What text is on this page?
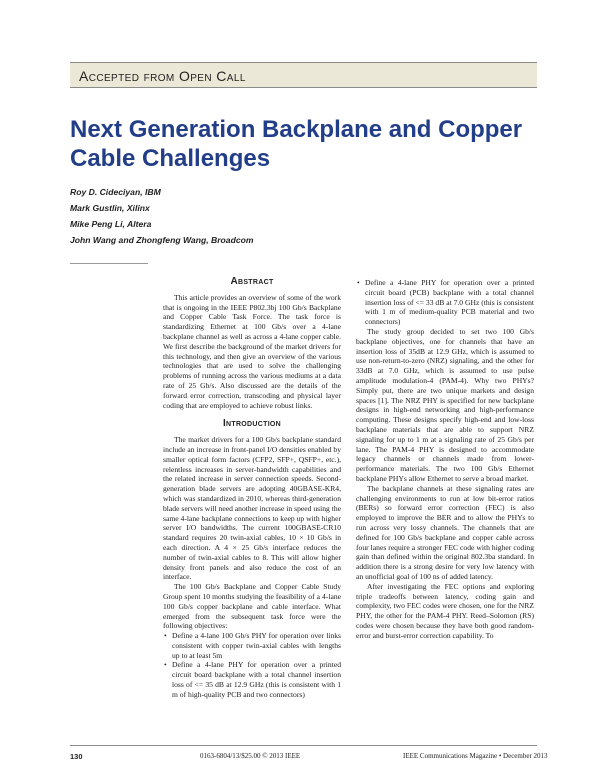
Accepted from Open Call
Next Generation Backplane and Copper Cable Challenges
Roy D. Cideciyan, IBM
Mark Gustlin, Xilinx
Mike Peng Li, Altera
John Wang and Zhongfeng Wang, Broadcom
Abstract

This article provides an overview of some of the work that is ongoing in the IEEE P802.3bj 100 Gb/s Backplane and Copper Cable Task Force. The task force is standardizing Ethernet at 100 Gb/s over a 4-lane backplane channel as well as across a 4-lane copper cable. We first describe the background of the market drivers for this technology, and then give an overview of the various technologies that are used to solve the challenging problems of running across the various mediums at a data rate of 25 Gb/s. Also discussed are the details of the forward error correction, transcoding and physical layer coding that are employed to achieve robust links.

Introduction

The market drivers for a 100 Gb/s backplane standard include an increase in front-panel I/O densities enabled by smaller optical form factors (CFP2, SFP+, QSFP+, etc.), relentless increases in server-bandwidth capabilities and the related increase in server connection speeds. Second-generation blade servers are adopting 40GBASE-KR4, which was standardized in 2010, whereas third-generation blade servers will need another increase in speed using the same 4-lane backplane connections to keep up with higher server I/O bandwidths. The current 100GBASE-CR10 standard requires 20 twin-axial cables, 10 × 10 Gb/s in each direction. A 4 × 25 Gb/s interface reduces the number of twin-axial cables to 8. This will allow higher density front panels and also reduce the cost of an interface.

The 100 Gb/s Backplane and Copper Cable Study Group spent 10 months studying the feasibility of a 4-lane 100 Gb/s copper backplane and cable interface. What emerged from the subsequent task force were the following objectives:

• Define a 4-lane 100 Gb/s PHY for operation over links consistent with copper twin-axial cables with lengths up to at least 5m
• Define a 4-lane PHY for operation over a printed circuit board backplane with a total channel insertion loss of <= 35 dB at 12.9 GHz (this is consistent with 1 m of high-quality PCB and two connectors)
• Define a 4-lane PHY for operation over a printed circuit board (PCB) backplane with a total channel insertion loss of <= 33 dB at 7.0 GHz (this is consistent with 1 m of medium-quality PCB material and two connectors)

The study group decided to set two 100 Gb/s backplane objectives, one for channels that have an insertion loss of 35dB at 12.9 GHz, which is assumed to use non-return-to-zero (NRZ) signaling, and the other for 33dB at 7.0 GHz, which is assumed to use pulse amplitude modulation-4 (PAM-4). Why two PHYs? Simply put, there are two unique markets and design spaces [1]. The NRZ PHY is specified for new backplane designs in high-end networking and high-performance computing. These designs specify high-end and low-loss backplane materials that are able to support NRZ signaling for up to 1 m at a signaling rate of 25 Gb/s per lane. The PAM-4 PHY is designed to accommodate legacy channels or channels made from lower-performance materials. The two 100 Gb/s Ethernet backplane PHYs allow Ethernet to serve a broad market.

The backplane channels at these signaling rates are challenging environments to run at low bit-error ratios (BERs) so forward error correction (FEC) is also employed to improve the BER and to allow the PHYs to run across very lossy channels. The channels that are defined for 100 Gb/s backplane and copper cable across four lanes require a stronger FEC code with higher coding gain than defined within the original 802.3ba standard. In addition there is a strong desire for very low latency with an unofficial goal of 100 ns of added latency.

After investigating the FEC options and exploring triple tradeoffs between latency, coding gain and complexity, two FEC codes were chosen, one for the NRZ PHY, the other for the PAM-4 PHY. Reed–Solomon (RS) codes were chosen because they have both good random-error and burst-error correction capability. To

130	0163-6804/13/$25.00 © 2013 IEEE	IEEE Communications Magazine • December 2013
